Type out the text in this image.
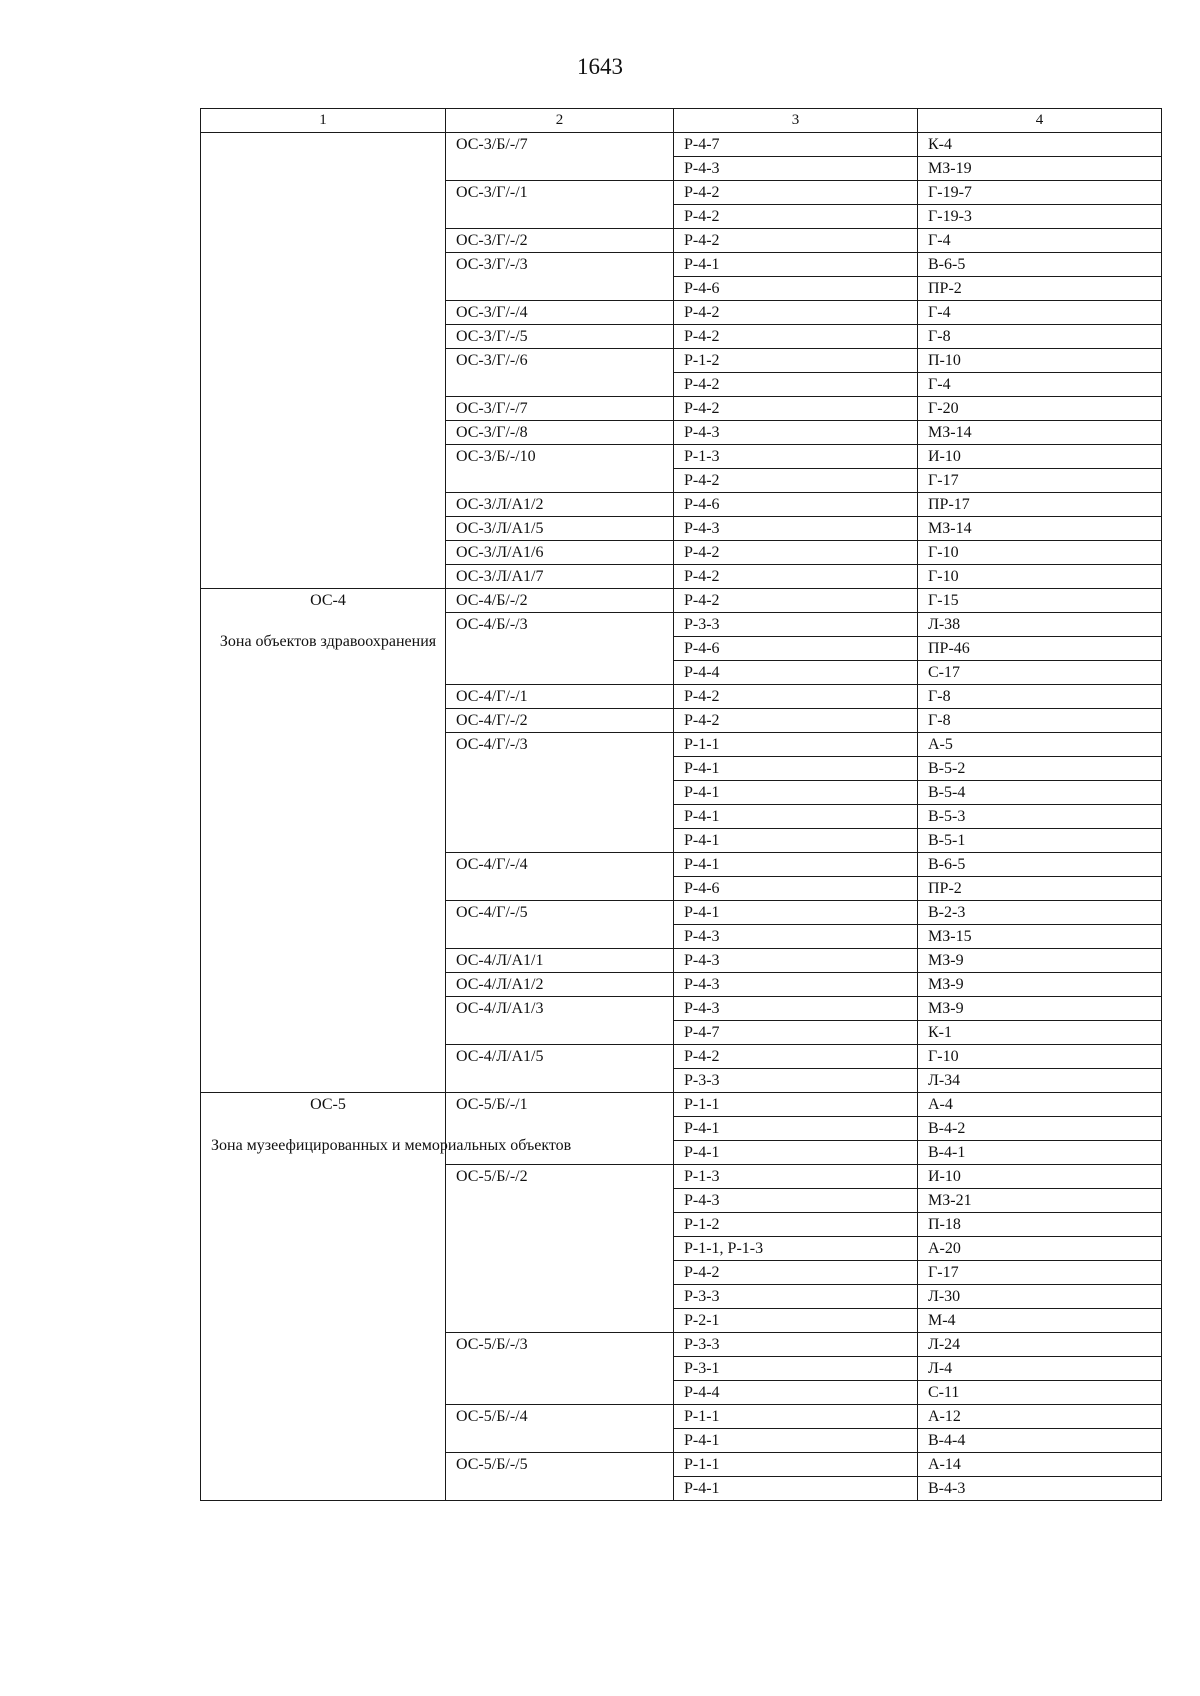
1643
1	2	3	4

	ОС-3/Б/-/7	Р-4-7	К-4
		Р-4-3	МЗ-19
	ОС-3/Г/-/1	Р-4-2	Г-19-7
		Р-4-2	Г-19-3
	ОС-3/Г/-/2	Р-4-2	Г-4
	ОС-3/Г/-/3	Р-4-1	В-6-5
		Р-4-6	ПР-2
	ОС-3/Г/-/4	Р-4-2	Г-4
	ОС-3/Г/-/5	Р-4-2	Г-8
	ОС-3/Г/-/6	Р-1-2	П-10
		Р-4-2	Г-4
	ОС-3/Г/-/7	Р-4-2	Г-20
	ОС-3/Г/-/8	Р-4-3	МЗ-14
	ОС-3/Б/-/10	Р-1-3	И-10
		Р-4-2	Г-17
	ОС-3/Л/А1/2	Р-4-6	ПР-17
	ОС-3/Л/А1/5	Р-4-3	МЗ-14
	ОС-3/Л/А1/6	Р-4-2	Г-10
	ОС-3/Л/А1/7	Р-4-2	Г-10

ОС-4
Зона объектов здравоохранения	ОС-4/Б/-/2	Р-4-2	Г-15
	ОС-4/Б/-/3	Р-3-3	Л-38
		Р-4-6	ПР-46
		Р-4-4	С-17
	ОС-4/Г/-/1	Р-4-2	Г-8
	ОС-4/Г/-/2	Р-4-2	Г-8
	ОС-4/Г/-/3	Р-1-1	А-5
		Р-4-1	В-5-2
		Р-4-1	В-5-4
		Р-4-1	В-5-3
		Р-4-1	В-5-1
	ОС-4/Г/-/4	Р-4-1	В-6-5
		Р-4-6	ПР-2
	ОС-4/Г/-/5	Р-4-1	В-2-3
		Р-4-3	МЗ-15
	ОС-4/Л/А1/1	Р-4-3	МЗ-9
	ОС-4/Л/А1/2	Р-4-3	МЗ-9
	ОС-4/Л/А1/3	Р-4-3	МЗ-9
		Р-4-7	К-1
	ОС-4/Л/А1/5	Р-4-2	Г-10
		Р-3-3	Л-34

ОС-5
Зона музеефицированных и мемориальных объектов	ОС-5/Б/-/1	Р-1-1	А-4
		Р-4-1	В-4-2
		Р-4-1	В-4-1
	ОС-5/Б/-/2	Р-1-3	И-10
		Р-4-3	МЗ-21
		Р-1-2	П-18
		Р-1-1, Р-1-3	А-20
		Р-4-2	Г-17
		Р-3-3	Л-30
		Р-2-1	М-4
	ОС-5/Б/-/3	Р-3-3	Л-24
		Р-3-1	Л-4
		Р-4-4	С-11
	ОС-5/Б/-/4	Р-1-1	А-12
		Р-4-1	В-4-4
	ОС-5/Б/-/5	Р-1-1	А-14
		Р-4-1	В-4-3
